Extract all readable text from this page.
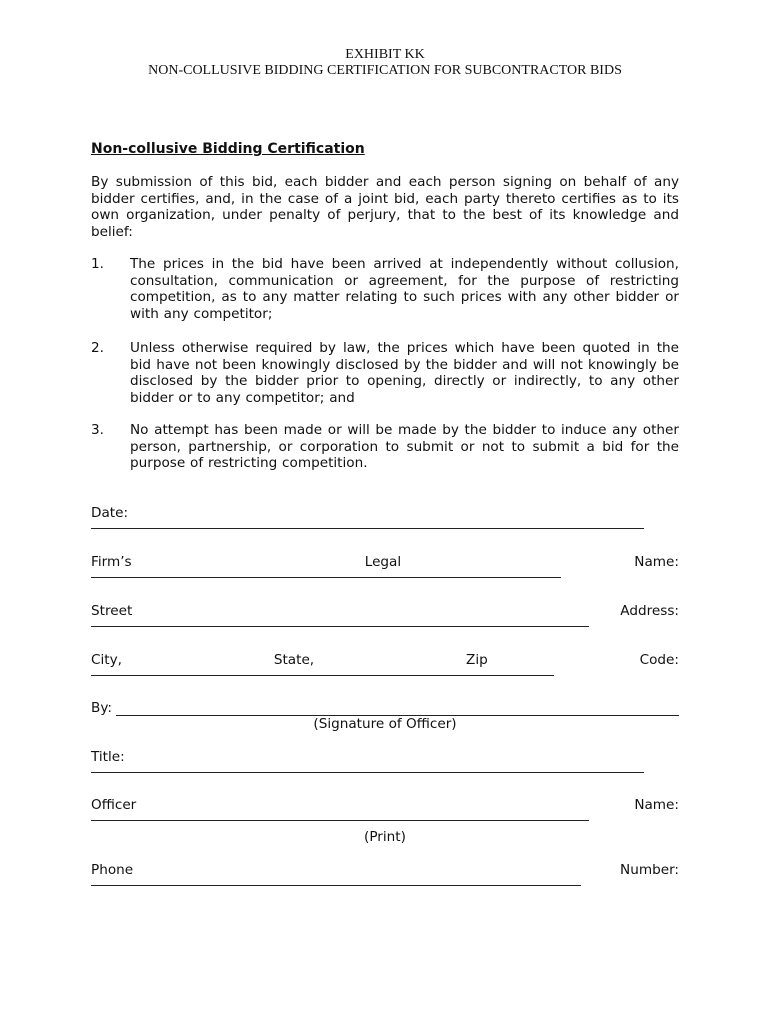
EXHIBIT KK
NON-COLLUSIVE BIDDING CERTIFICATION FOR SUBCONTRACTOR BIDS
Non-collusive Bidding Certification
By submission of this bid, each bidder and each person signing on behalf of any bidder certifies, and, in the case of a joint bid, each party thereto certifies as to its own organization, under penalty of perjury, that to the best of its knowledge and belief:
1. The prices in the bid have been arrived at independently without collusion, consultation, communication or agreement, for the purpose of restricting competition, as to any matter relating to such prices with any other bidder or with any competitor;
2. Unless otherwise required by law, the prices which have been quoted in the bid have not been knowingly disclosed by the bidder and will not knowingly be disclosed by the bidder prior to opening, directly or indirectly, to any other bidder or to any competitor; and
3. No attempt has been made or will be made by the bidder to induce any other person, partnership, or corporation to submit or not to submit a bid for the purpose of restricting competition.
Date:
Firm’s	Legal	Name:
Street	Address:
City,	State,	Zip	Code:
By:
(Signature of Officer)
Title:
Officer	Name:
(Print)
Phone	Number:
